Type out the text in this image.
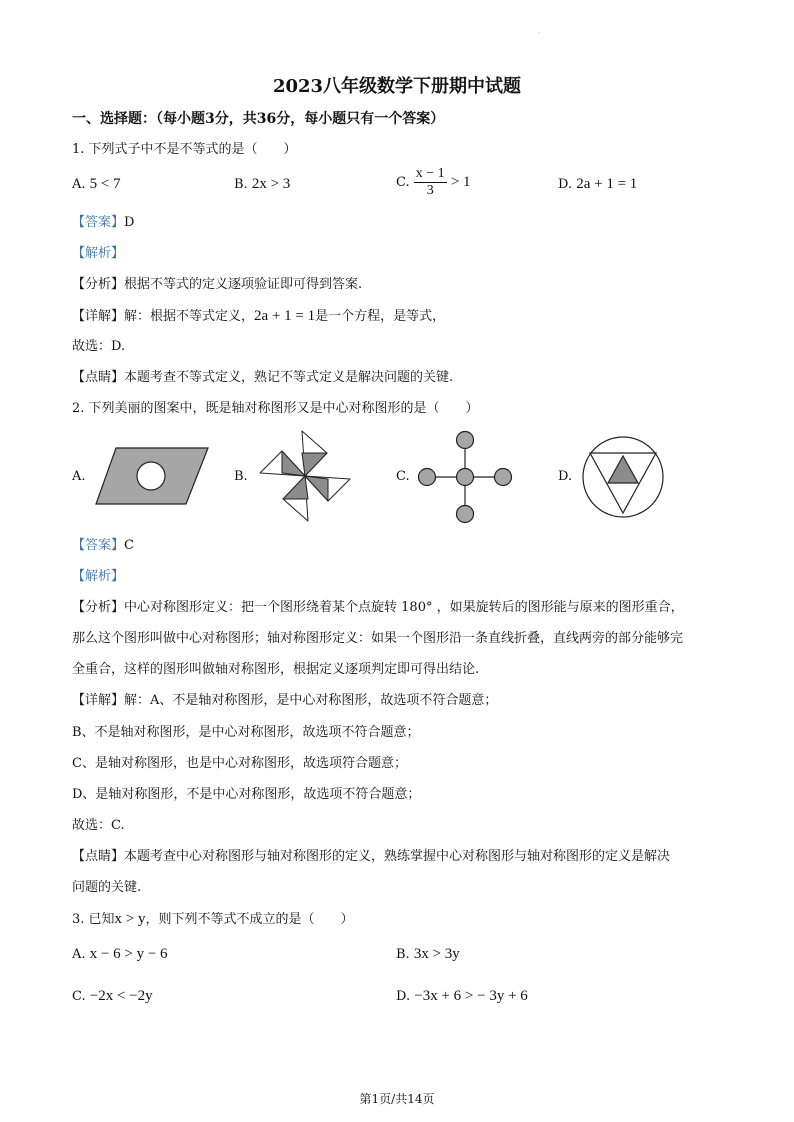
·
2023八年级数学下册期中试题
一、选择题：（每小题3分，共36分，每小题只有一个答案）
1. 下列式子中不是不等式的是（　　）
A. 5 < 7	B. 2x > 3	C. $\frac{x - 1}{3} > 1$	D. 2a + 1 = 1
【答案】D
【解析】
【分析】根据不等式的定义逐项验证即可得到答案.
【详解】解：根据不等式定义，2a + 1 = 1是一个方程，是等式，
故选：D.
【点睛】本题考查不等式定义，熟记不等式定义是解决问题的关键.
2. 下列美丽的图案中，既是轴对称图形又是中心对称图形的是（　　）
A.	B.	C.	D.
【答案】C
【解析】
【分析】中心对称图形定义：把一个图形绕着某个点旋转 180° ，如果旋转后的图形能与原来的图形重合，
那么这个图形叫做中心对称图形；轴对称图形定义：如果一个图形沿一条直线折叠，直线两旁的部分能够完
全重合，这样的图形叫做轴对称图形，根据定义逐项判定即可得出结论.
【详解】解：A、不是轴对称图形，是中心对称图形，故选项不符合题意；
B、不是轴对称图形，是中心对称图形，故选项不符合题意；
C、是轴对称图形，也是中心对称图形，故选项符合题意；
D、是轴对称图形，不是中心对称图形，故选项不符合题意；
故选：C.
【点睛】本题考查中心对称图形与轴对称图形的定义，熟练掌握中心对称图形与轴对称图形的定义是解决
问题的关键.
3. 已知x > y，则下列不等式不成立的是（　　）
A. x − 6 > y − 6	B. 3x > 3y
C. −2x < −2y	D. −3x + 6 > − 3y + 6
第1页/共14页
